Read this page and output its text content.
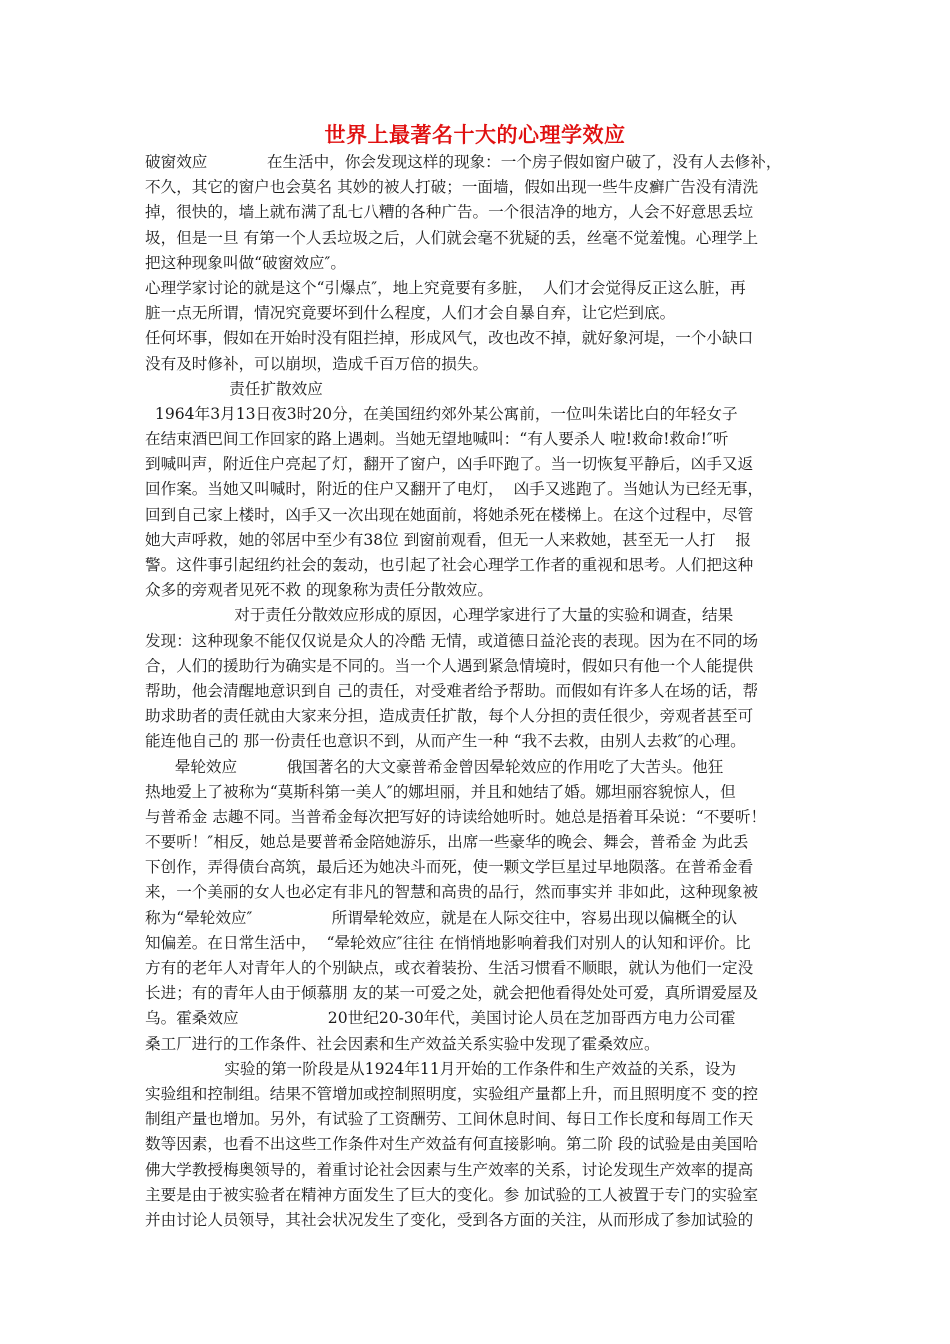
世界上最著名十大的心理学效应
破窗效应            在生活中，你会发现这样的现象：一个房子假如窗户破了，没有人去修补，
不久，其它的窗户也会莫名 其妙的被人打破；一面墙，假如出现一些牛皮癣广告没有清洗
掉，很快的，墙上就布满了乱七八糟的各种广告。一个很洁净的地方，人会不好意思丢垃
圾，但是一旦 有第一个人丢垃圾之后，人们就会毫不犹疑的丢，丝毫不觉羞愧。心理学上
把这种现象叫做“破窗效应″。
心理学家讨论的就是这个“引爆点″，地上究竟要有多脏，  人们才会觉得反正这么脏，再
脏一点无所谓，情况究竟要坏到什么程度，人们才会自暴自弃，让它烂到底。
任何坏事，假如在开始时没有阻拦掉，形成风气，改也改不掉，就好象河堤，一个小缺口
没有及时修补，可以崩坝，造成千百万倍的损失。
责任扩散效应
1964年3月13日夜3时20分，在美国纽约郊外某公寓前，一位叫朱诺比白的年轻女子
在结束酒巴间工作回家的路上遇刺。当她无望地喊叫：“有人要杀人 啦!救命!救命!″听
到喊叫声，附近住户亮起了灯，翻开了窗户，凶手吓跑了。当一切恢复平静后，凶手又返
回作案。当她又叫喊时，附近的住户又翻开了电灯，  凶手又逃跑了。当她认为已经无事，
回到自己家上楼时，凶手又一次出现在她面前，将她杀死在楼梯上。在这个过程中，尽管
她大声呼救，她的邻居中至少有38位 到窗前观看，但无一人来救她，甚至无一人打    报
警。这件事引起纽约社会的轰动，也引起了社会心理学工作者的重视和思考。人们把这种
众多的旁观者见死不救 的现象称为责任分散效应。
对于责任分散效应形成的原因，心理学家进行了大量的实验和调查，结果
发现：这种现象不能仅仅说是众人的冷酷 无情，或道德日益沦丧的表现。因为在不同的场
合，人们的援助行为确实是不同的。当一个人遇到紧急情境时，假如只有他一个人能提供
帮助，他会清醒地意识到自 己的责任，对受难者给予帮助。而假如有许多人在场的话，帮
助求助者的责任就由大家来分担，造成责任扩散，每个人分担的责任很少，旁观者甚至可
能连他自己的 那一份责任也意识不到，从而产生一种 “我不去救，由别人去救″的心理。
晕轮效应          俄国著名的大文豪普希金曾因晕轮效应的作用吃了大苦头。他狂
热地爱上了被称为“莫斯科第一美人″的娜坦丽，并且和她结了婚。娜坦丽容貌惊人，但
与普希金 志趣不同。当普希金每次把写好的诗读给她听时。她总是捂着耳朵说：“不要听！
不要听！″相反，她总是要普希金陪她游乐，出席一些豪华的晚会、舞会，普希金 为此丢
下创作，弄得债台高筑，最后还为她决斗而死，使一颗文学巨星过早地陨落。在普希金看
来，一个美丽的女人也必定有非凡的智慧和高贵的品行，然而事实并 非如此，这种现象被
称为“晕轮效应″                所谓晕轮效应，就是在人际交往中，容易出现以偏概全的认
知偏差。在日常生活中，  “晕轮效应″往往 在悄悄地影响着我们对别人的认知和评价。比
方有的老年人对青年人的个别缺点，或衣着装扮、生活习惯看不顺眼，就认为他们一定没
长进；有的青年人由于倾慕朋 友的某一可爱之处，就会把他看得处处可爱，真所谓爱屋及
乌。霍桑效应                  20世纪20-30年代，美国讨论人员在芝加哥西方电力公司霍
桑工厂进行的工作条件、社会因素和生产效益关系实验中发现了霍桑效应。
实验的第一阶段是从1924年11月开始的工作条件和生产效益的关系，设为
实验组和控制组。结果不管增加或控制照明度，实验组产量都上升，而且照明度不 变的控
制组产量也增加。另外，有试验了工资酬劳、工间休息时间、每日工作长度和每周工作天
数等因素，也看不出这些工作条件对生产效益有何直接影响。第二阶 段的试验是由美国哈
佛大学教授梅奥领导的，着重讨论社会因素与生产效率的关系，讨论发现生产效率的提高
主要是由于被实验者在精神方面发生了巨大的变化。参 加试验的工人被置于专门的实验室
并由讨论人员领导，其社会状况发生了变化，受到各方面的关注，从而形成了参加试验的
